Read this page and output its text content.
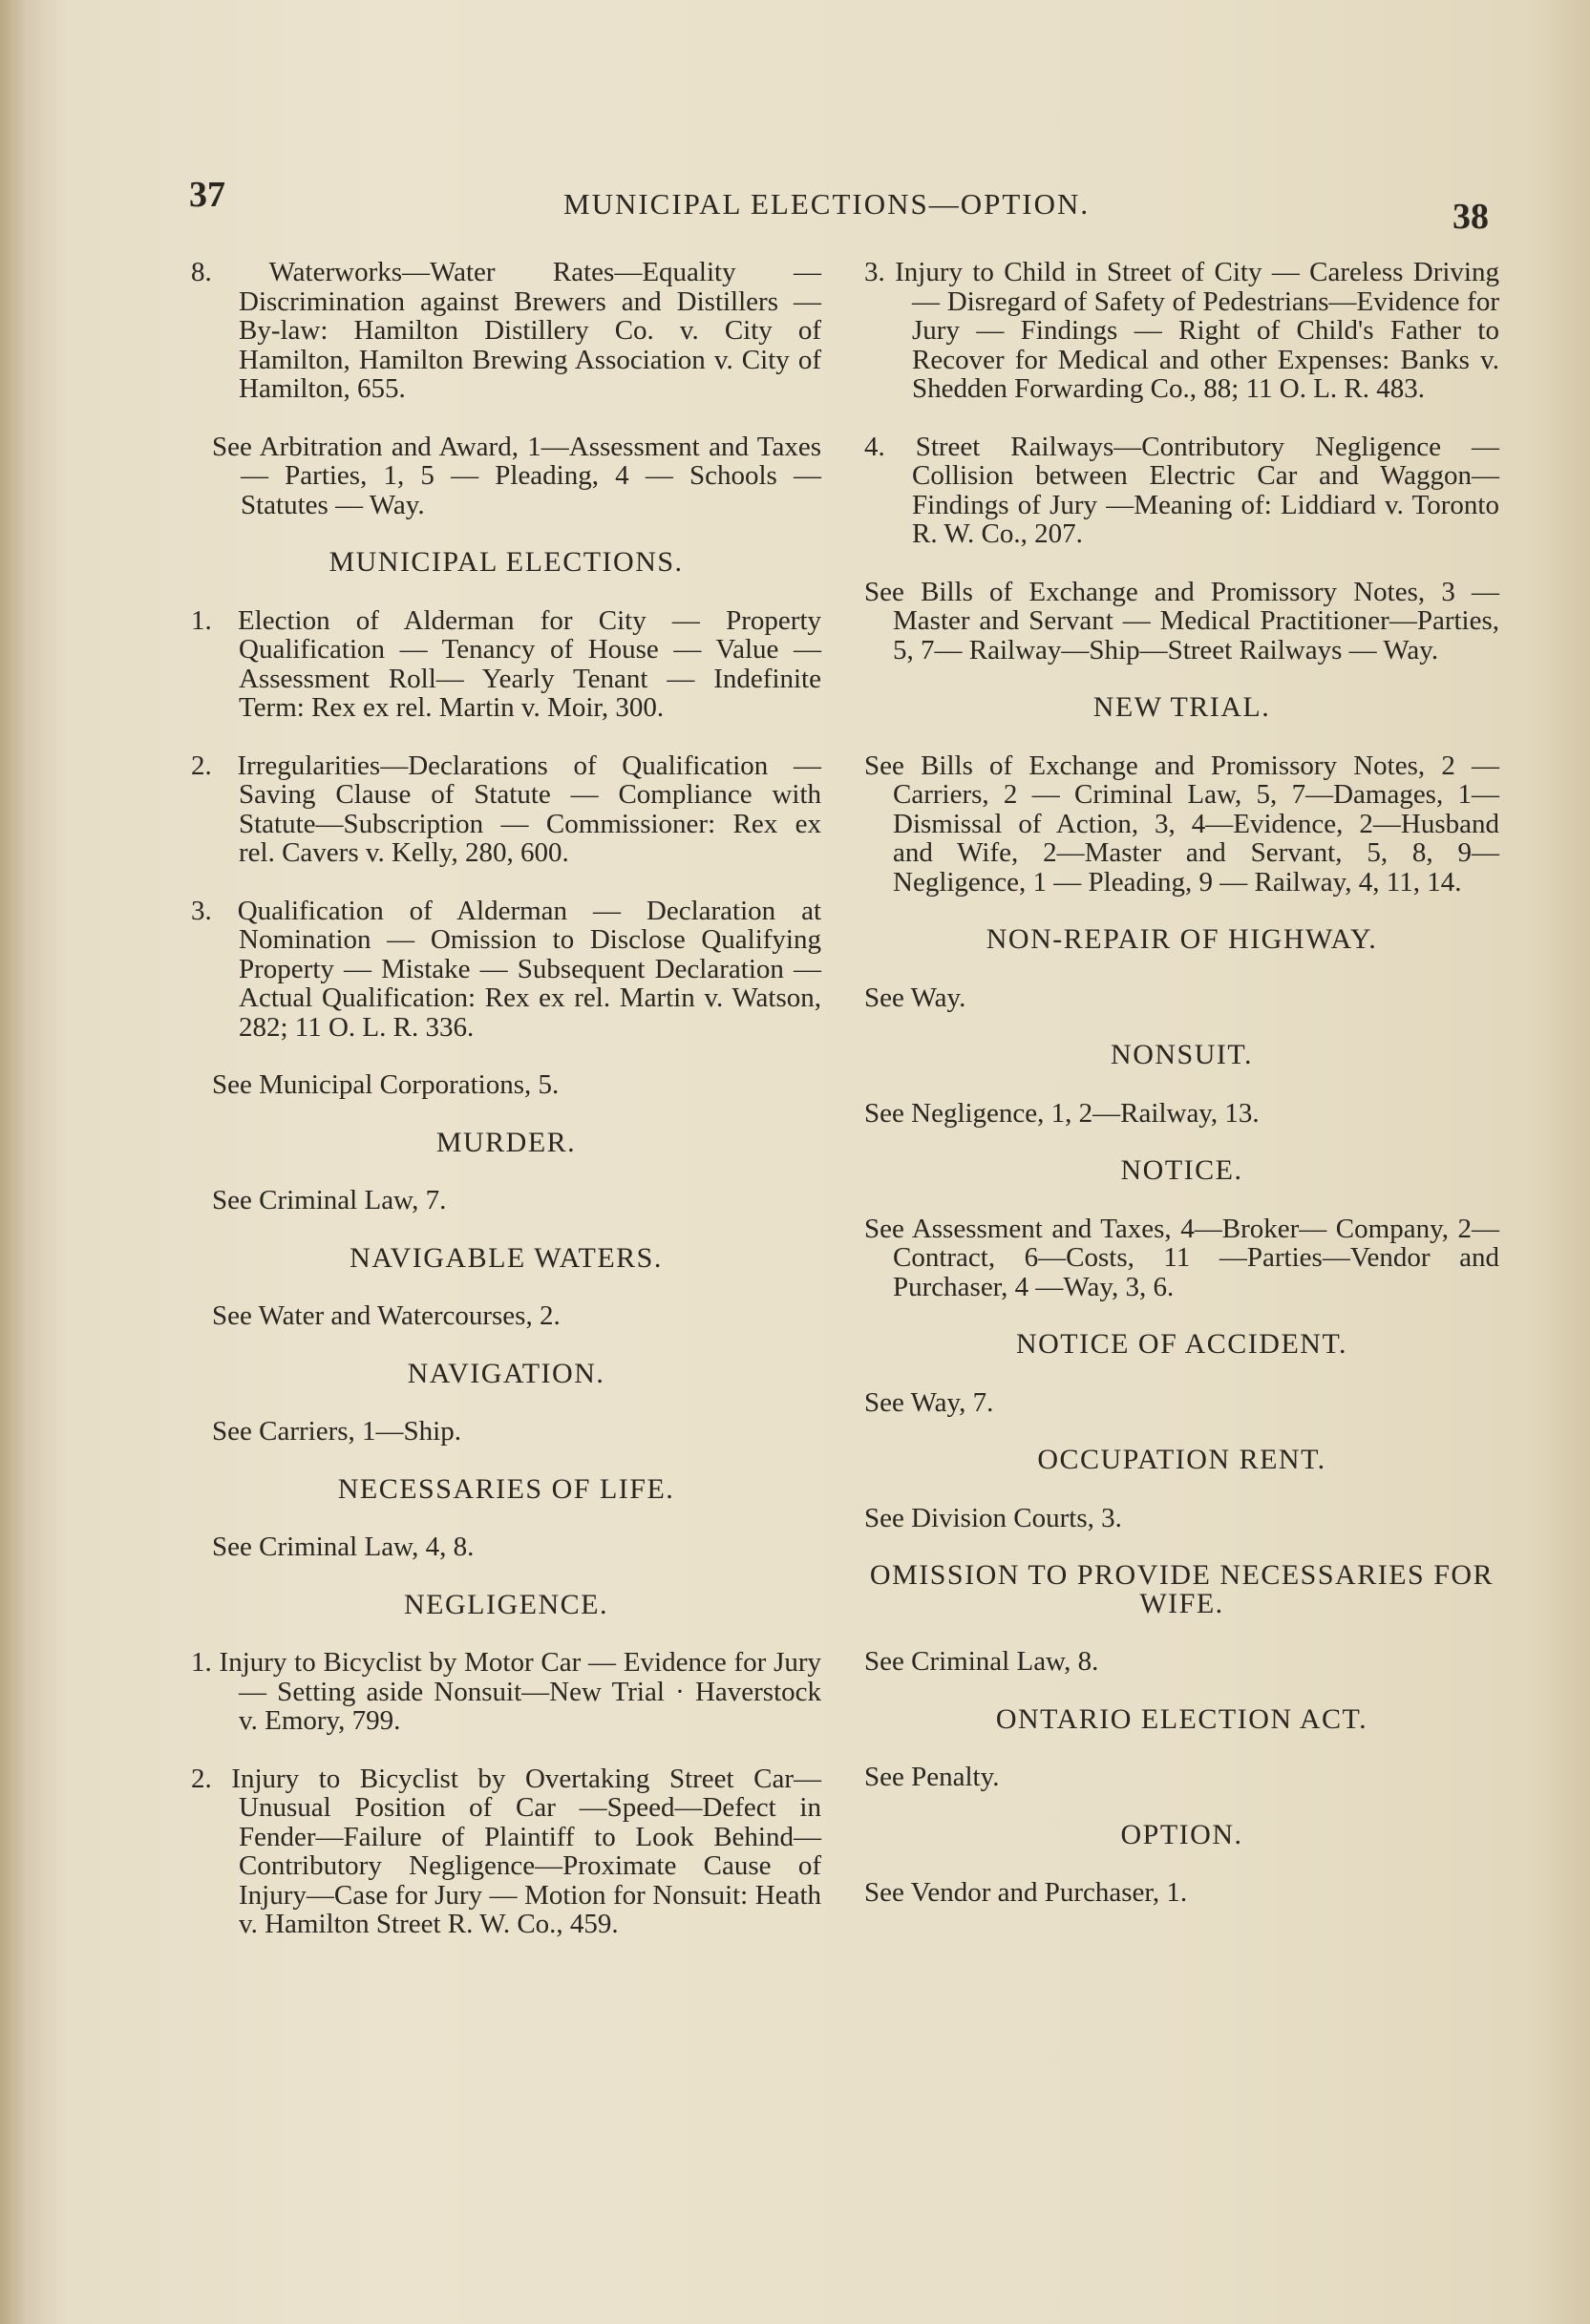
37	MUNICIPAL ELECTIONS—OPTION.	38
8. Waterworks—Water Rates—Equality — Discrimination against Brewers and Distillers — By-law: Hamilton Distillery Co. v. City of Hamilton, Hamilton Brewing Association v. City of Hamilton, 655.
See Arbitration and Award, 1—Assessment and Taxes — Parties, 1, 5 — Pleading, 4 — Schools — Statutes — Way.
MUNICIPAL ELECTIONS.
1. Election of Alderman for City — Property Qualification — Tenancy of House — Value — Assessment Roll— Yearly Tenant — Indefinite Term: Rex ex rel. Martin v. Moir, 300.
2. Irregularities—Declarations of Qualification — Saving Clause of Statute — Compliance with Statute—Subscription — Commissioner: Rex ex rel. Cavers v. Kelly, 280, 600.
3. Qualification of Alderman — Declaration at Nomination — Omission to Disclose Qualifying Property — Mistake — Subsequent Declaration — Actual Qualification: Rex ex rel. Martin v. Watson, 282; 11 O. L. R. 336.
See Municipal Corporations, 5.
MURDER.
See Criminal Law, 7.
NAVIGABLE WATERS.
See Water and Watercourses, 2.
NAVIGATION.
See Carriers, 1—Ship.
NECESSARIES OF LIFE.
See Criminal Law, 4, 8.
NEGLIGENCE.
1. Injury to Bicyclist by Motor Car — Evidence for Jury — Setting aside Nonsuit—New Trial · Haverstock v. Emory, 799.
2. Injury to Bicyclist by Overtaking Street Car—Unusual Position of Car —Speed—Defect in Fender—Failure of Plaintiff to Look Behind—Contributory Negligence—Proximate Cause of Injury—Case for Jury — Motion for Nonsuit: Heath v. Hamilton Street R. W. Co., 459.
3. Injury to Child in Street of City — Careless Driving — Disregard of Safety of Pedestrians—Evidence for Jury — Findings — Right of Child's Father to Recover for Medical and other Expenses: Banks v. Shedden Forwarding Co., 88; 11 O. L. R. 483.
4. Street Railways—Contributory Negligence — Collision between Electric Car and Waggon—Findings of Jury —Meaning of: Liddiard v. Toronto R. W. Co., 207.
See Bills of Exchange and Promissory Notes, 3 — Master and Servant — Medical Practitioner—Parties, 5, 7— Railway—Ship—Street Railways — Way.
NEW TRIAL.
See Bills of Exchange and Promissory Notes, 2 — Carriers, 2 — Criminal Law, 5, 7—Damages, 1—Dismissal of Action, 3, 4—Evidence, 2—Husband and Wife, 2—Master and Servant, 5, 8, 9—Negligence, 1 — Pleading, 9 — Railway, 4, 11, 14.
NON-REPAIR OF HIGHWAY.
See Way.
NONSUIT.
See Negligence, 1, 2—Railway, 13.
NOTICE.
See Assessment and Taxes, 4—Broker— Company, 2—Contract, 6—Costs, 11 —Parties—Vendor and Purchaser, 4 —Way, 3, 6.
NOTICE OF ACCIDENT.
See Way, 7.
OCCUPATION RENT.
See Division Courts, 3.
OMISSION TO PROVIDE NECESSARIES FOR WIFE.
See Criminal Law, 8.
ONTARIO ELECTION ACT.
See Penalty.
OPTION.
See Vendor and Purchaser, 1.
